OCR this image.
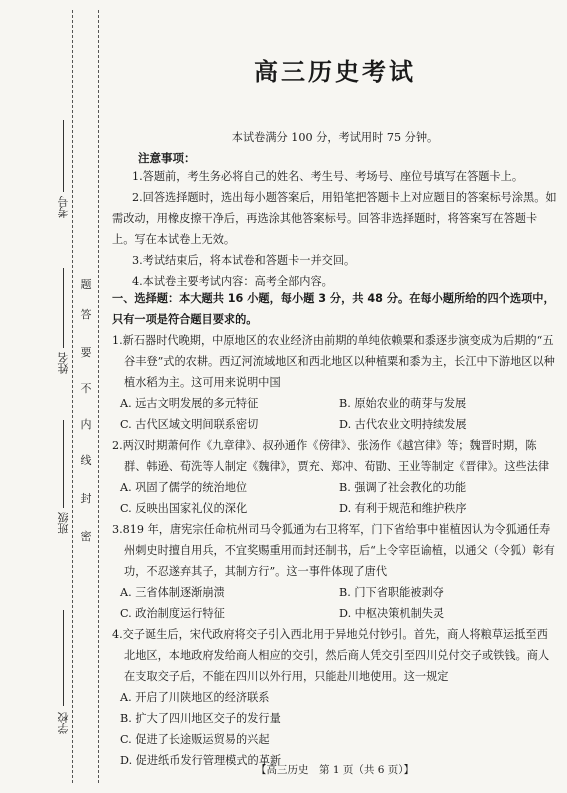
考号
姓名
班级
学校
题
答
要
不
内
线
封
密
高三历史考试
本试卷满分 100 分，考试用时 75 分钟。
注意事项：

1.答题前，考生务必将自己的姓名、考生号、考场号、座位号填写在答题卡上。

2.回答选择题时，选出每小题答案后，用铅笔把答题卡上对应题目的答案标号涂黑。如需改动，用橡皮擦干净后，再选涂其他答案标号。回答非选择题时，将答案写在答题卡上。写在本试卷上无效。

3.考试结束后，将本试卷和答题卡一并交回。

4.本试卷主要考试内容：高考全部内容。

一、选择题：本大题共 16 小题，每小题 3 分，共 48 分。在每小题所给的四个选项中，只有一项是符合题目要求的。

1.新石器时代晚期，中原地区的农业经济由前期的单纯依赖粟和黍逐步演变成为后期的“五谷丰登”式的农耕。西辽河流域地区和西北地区以种植粟和黍为主，长江中下游地区以种植水稻为主。这可用来说明中国

A. 远古文明发展的多元特征	B. 原始农业的萌芽与发展
C. 古代区域文明间联系密切	D. 古代农业文明持续发展

2.两汉时期萧何作《九章律》、叔孙通作《傍律》、张汤作《越宫律》等；魏晋时期，陈群、韩逊、荀洗等人制定《魏律》，贾充、郑冲、荀勖、王业等制定《晋律》。这些法律

A. 巩固了儒学的统治地位	B. 强调了社会教化的功能
C. 反映出国家礼仪的深化	D. 有利于规范和维护秩序

3.819 年，唐宪宗任命杭州司马令狐通为右卫将军，门下省给事中崔植因认为令狐通任寿州刺史时擅自用兵，不宜奖赐重用而封还制书，后“上令宰臣谕植，以通父（令狐）彰有功，不忍遂弃其子，其制方行”。这一事件体现了唐代

A. 三省体制逐渐崩溃	B. 门下省职能被剥夺
C. 政治制度运行特征	D. 中枢决策机制失灵

4.交子诞生后，宋代政府将交子引入西北用于异地兑付钞引。首先，商人将粮草运抵至西北地区，本地政府发给商人相应的交引，然后商人凭交引至四川兑付交子或铁钱。商人在支取交子后，不能在四川以外行用，只能赴川地使用。这一规定

A. 开启了川陕地区的经济联系
B. 扩大了四川地区交子的发行量
C. 促进了长途贩运贸易的兴起
D. 促进纸币发行管理模式的革新
【高三历史　第 1 页（共 6 页）】
